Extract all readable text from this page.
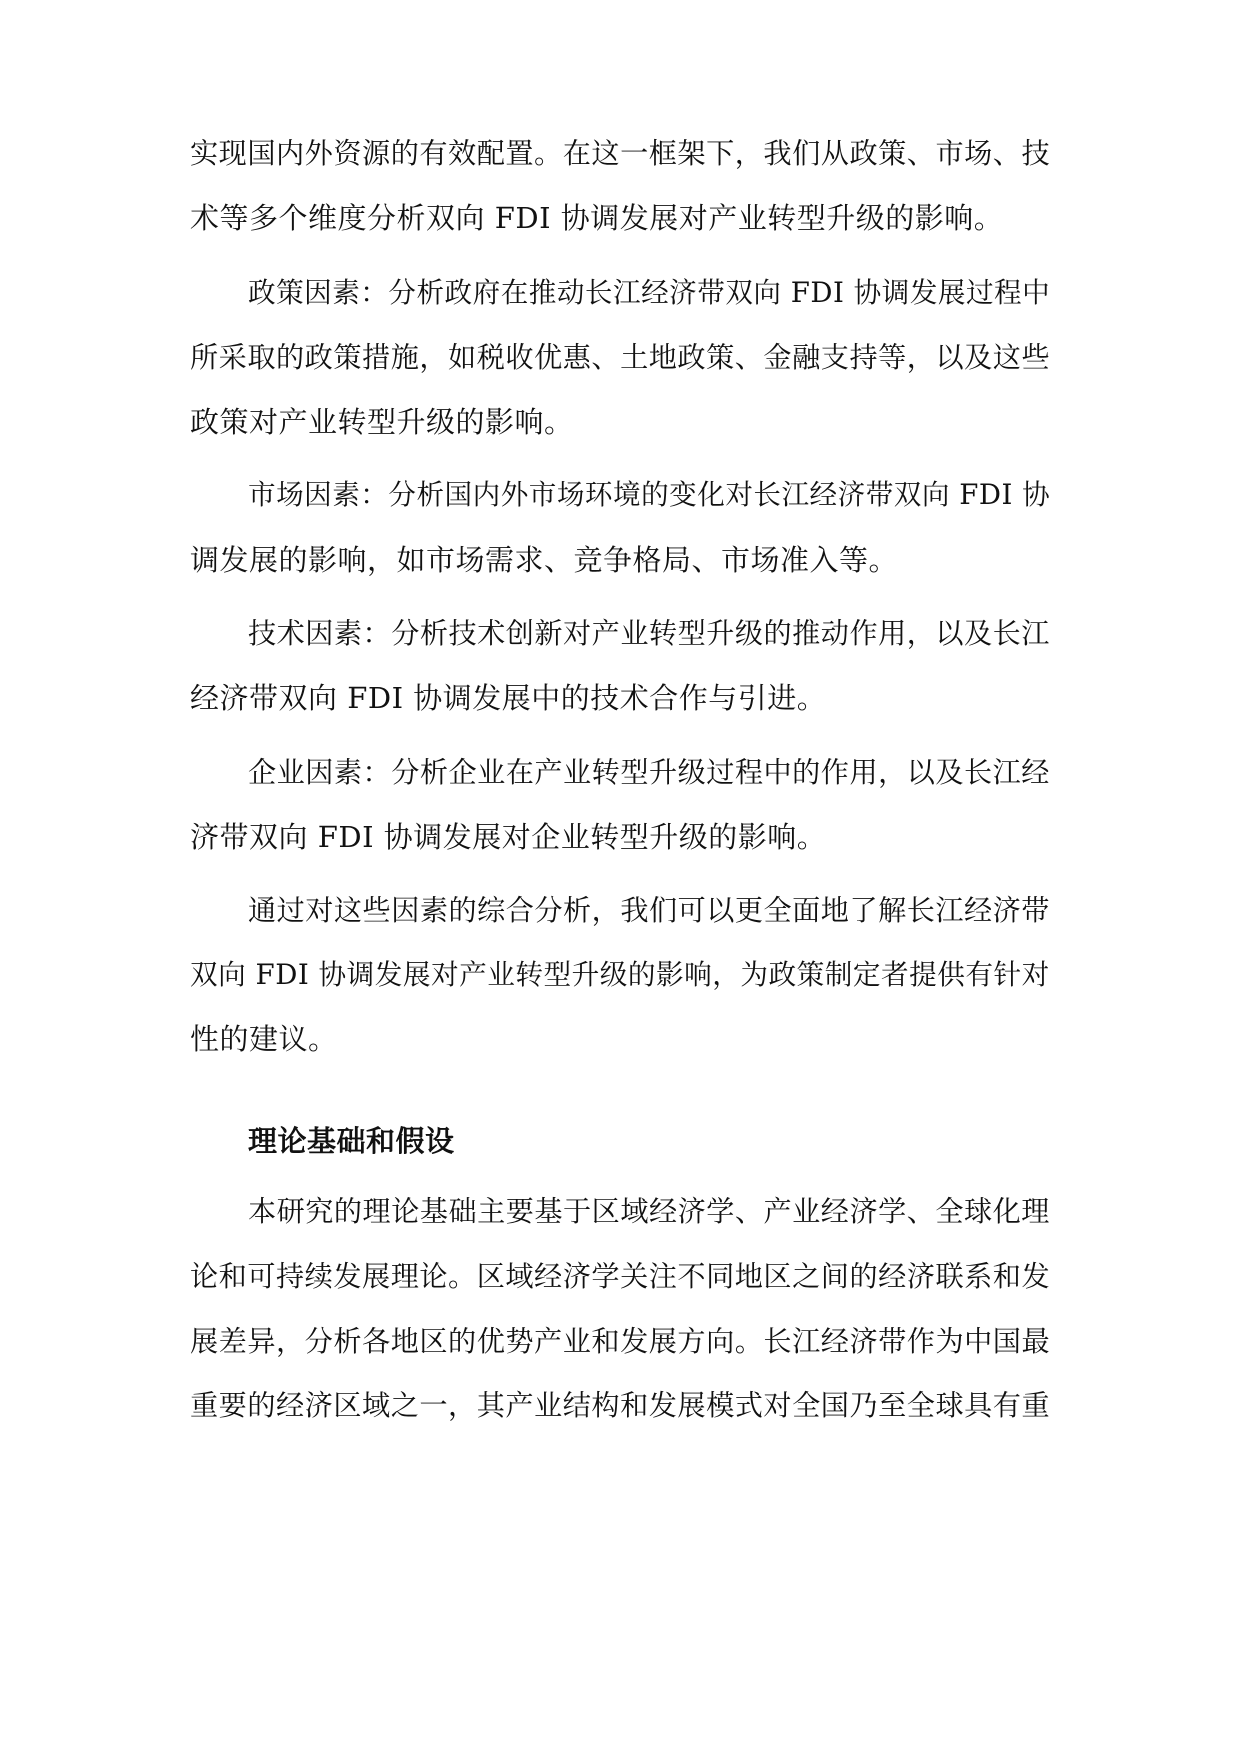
实现国内外资源的有效配置。在这一框架下，我们从政策、市场、技
术等多个维度分析双向 FDI 协调发展对产业转型升级的影响。
政策因素：分析政府在推动长江经济带双向 FDI 协调发展过程中
所采取的政策措施，如税收优惠、土地政策、金融支持等，以及这些
政策对产业转型升级的影响。
市场因素：分析国内外市场环境的变化对长江经济带双向 FDI 协
调发展的影响，如市场需求、竞争格局、市场准入等。
技术因素：分析技术创新对产业转型升级的推动作用，以及长江
经济带双向 FDI 协调发展中的技术合作与引进。
企业因素：分析企业在产业转型升级过程中的作用，以及长江经
济带双向 FDI 协调发展对企业转型升级的影响。
通过对这些因素的综合分析，我们可以更全面地了解长江经济带
双向 FDI 协调发展对产业转型升级的影响，为政策制定者提供有针对
性的建议。
理论基础和假设
本研究的理论基础主要基于区域经济学、产业经济学、全球化理
论和可持续发展理论。区域经济学关注不同地区之间的经济联系和发
展差异，分析各地区的优势产业和发展方向。长江经济带作为中国最
重要的经济区域之一，其产业结构和发展模式对全国乃至全球具有重
